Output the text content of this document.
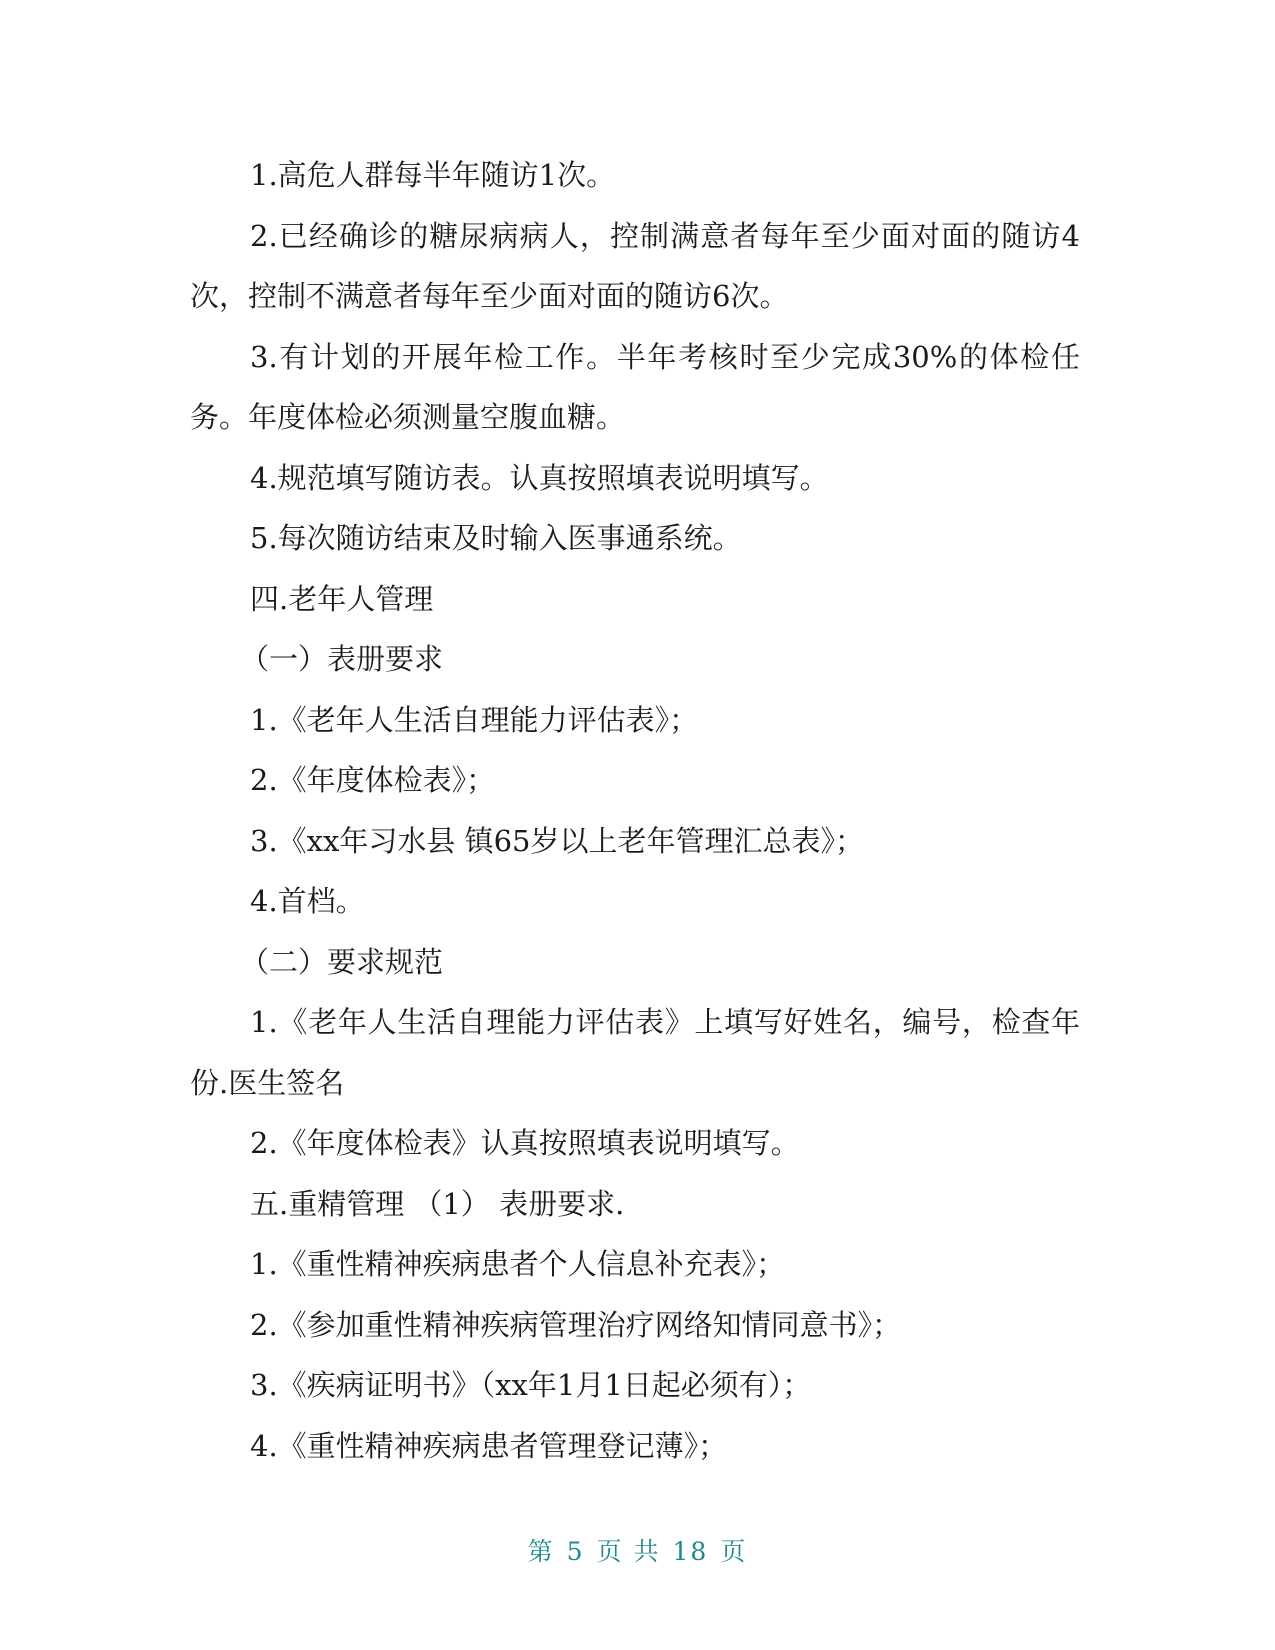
1.高危人群每半年随访1次。

2.已经确诊的糖尿病病人，控制满意者每年至少面对面的随访4次，控制不满意者每年至少面对面的随访6次。

3.有计划的开展年检工作。半年考核时至少完成30%的体检任务。年度体检必须测量空腹血糖。

4.规范填写随访表。认真按照填表说明填写。

5.每次随访结束及时输入医事通系统。

四.老年人管理

（一）表册要求

1.《老年人生活自理能力评估表》；

2.《年度体检表》；

3.《xx年习水县 镇65岁以上老年管理汇总表》；

4.首档。

（二）要求规范

1.《老年人生活自理能力评估表》上填写好姓名，编号，检查年份.医生签名

2.《年度体检表》认真按照填表说明填写。

五.重精管理 （1） 表册要求.

1.《重性精神疾病患者个人信息补充表》；

2.《参加重性精神疾病管理治疗网络知情同意书》；

3.《疾病证明书》（xx年1月1日起必须有）；

4.《重性精神疾病患者管理登记薄》；

第 5 页 共 18 页
